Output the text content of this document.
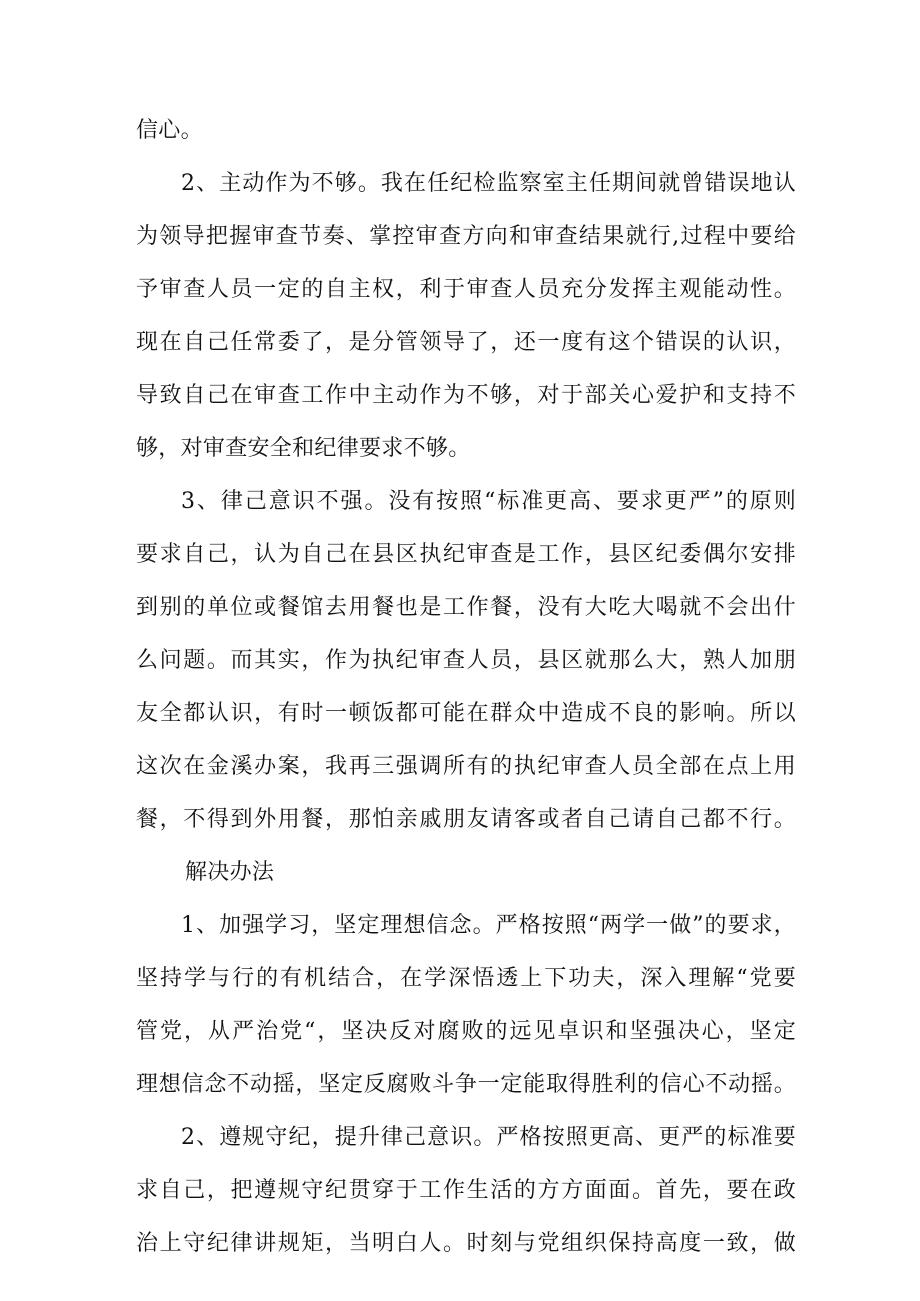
信心。
2、主动作为不够。我在任纪检监察室主任期间就曾错误地认
为领导把握审查节奏、掌控审查方向和审查结果就行,过程中要给
予审查人员一定的自主权，利于审查人员充分发挥主观能动性。
现在自己任常委了，是分管领导了，还一度有这个错误的认识，
导致自己在审查工作中主动作为不够，对于部关心爱护和支持不
够，对审查安全和纪律要求不够。
3、律己意识不强。没有按照“标准更高、要求更严”的原则
要求自己，认为自己在县区执纪审查是工作，县区纪委偶尔安排
到别的单位或餐馆去用餐也是工作餐，没有大吃大喝就不会出什
么问题。而其实，作为执纪审查人员，县区就那么大，熟人加朋
友全都认识，有时一顿饭都可能在群众中造成不良的影响。所以
这次在金溪办案，我再三强调所有的执纪审查人员全部在点上用
餐，不得到外用餐，那怕亲戚朋友请客或者自己请自己都不行。
解决办法
1、加强学习，坚定理想信念。严格按照“两学一做”的要求，
坚持学与行的有机结合，在学深悟透上下功夫，深入理解“党要
管党，从严治党“，坚决反对腐败的远见卓识和坚强决心，坚定
理想信念不动摇，坚定反腐败斗争一定能取得胜利的信心不动摇。
2、遵规守纪，提升律己意识。严格按照更高、更严的标准要
求自己，把遵规守纪贯穿于工作生活的方方面面。首先，要在政
治上守纪律讲规矩，当明白人。时刻与党组织保持高度一致，做
